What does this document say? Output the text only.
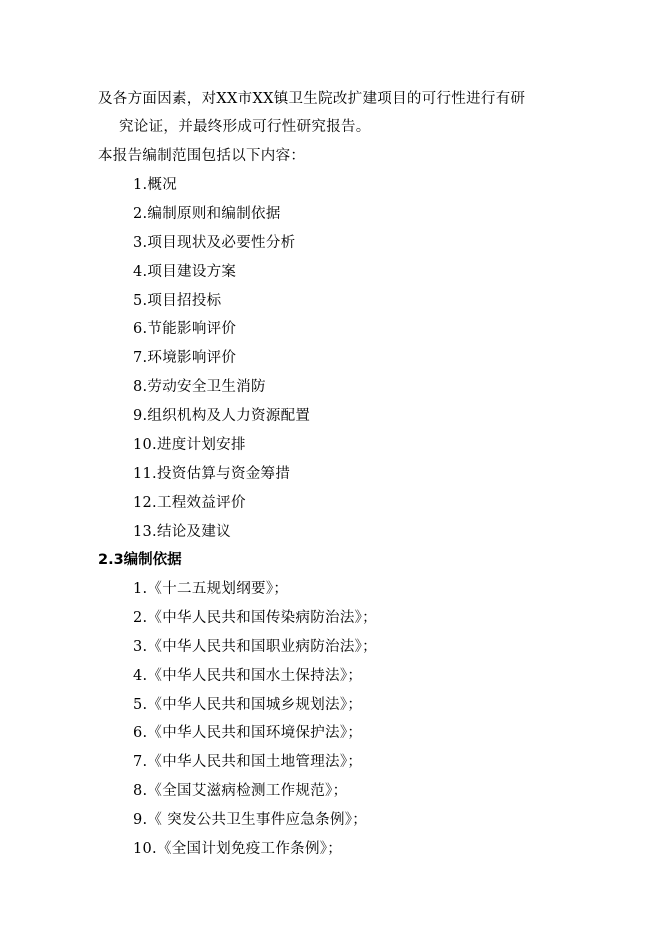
及各方面因素，对XX市XX镇卫生院改扩建项目的可行性进行有研
究论证，并最终形成可行性研究报告。
本报告编制范围包括以下内容：
1.概况
2.编制原则和编制依据
3.项目现状及必要性分析
4.项目建设方案
5.项目招投标
6.节能影响评价
7.环境影响评价
8.劳动安全卫生消防
9.组织机构及人力资源配置
10.进度计划安排
11.投资估算与资金筹措
12.工程效益评价
13.结论及建议
2.3编制依据
1.《十二五规划纲要》；
2.《中华人民共和国传染病防治法》；
3.《中华人民共和国职业病防治法》；
4.《中华人民共和国水土保持法》；
5.《中华人民共和国城乡规划法》；
6.《中华人民共和国环境保护法》；
7.《中华人民共和国土地管理法》；
8.《全国艾滋病检测工作规范》；
9.《 突发公共卫生事件应急条例》；
10.《全国计划免疫工作条例》；
